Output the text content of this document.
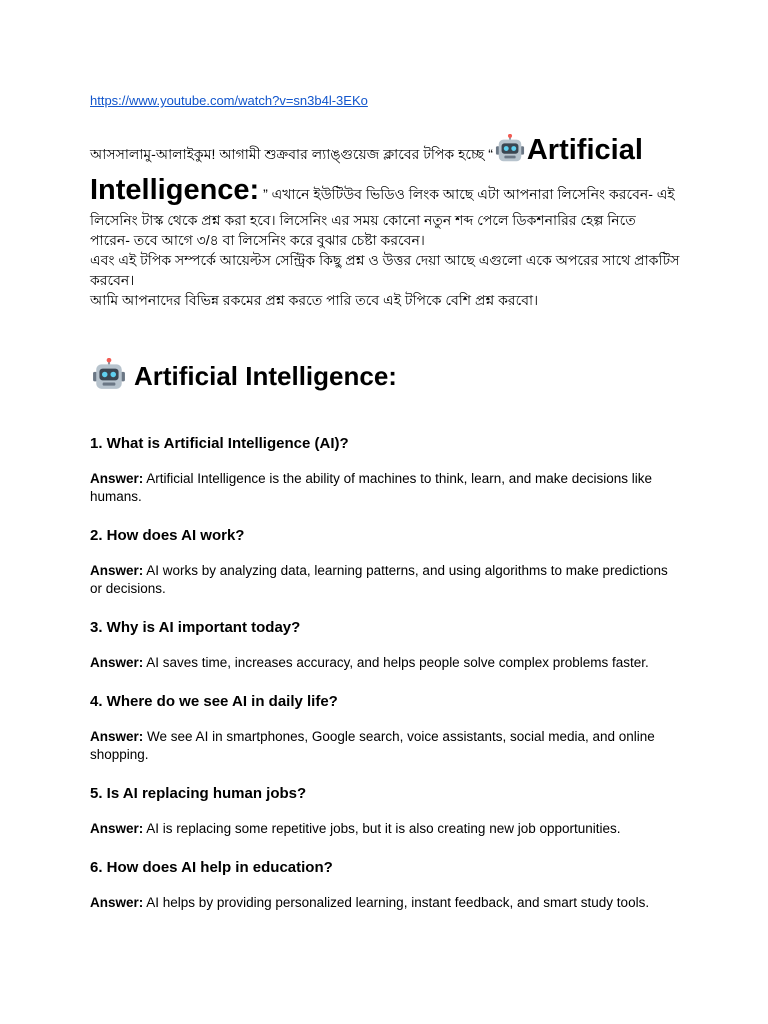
https://www.youtube.com/watch?v=sn3b4l-3EKo
আসসালামু-আলাইকুম! আগামী শুক্রবার ল্যাঙ্গুয়েজ ক্লাবের টপিক হচ্ছে “ Artificial
Intelligence: ” এখানে ইউটিউব ভিডিও লিংক আছে এটা আপনারা লিসেনিং করবেন- এই
লিসেনিং টাস্ক থেকে প্রশ্ন করা হবে। লিসেনিং এর সময় কোনো নতুন শব্দ পেলে ডিকশনারির হেল্প নিতে
পারেন- তবে আগে ৩/৪ বা লিসেনিং করে বুঝার চেষ্টা করবেন।
এবং এই টপিক সম্পর্কে আয়েল্টস সেন্ট্রিক কিছু প্রশ্ন ও উত্তর দেয়া আছে এগুলো একে অপরের সাথে প্রাকটিস
করবেন।
আমি আপনাদের বিভিন্ন রকমের প্রশ্ন করতে পারি তবে এই টপিকে বেশি প্রশ্ন করবো।
Artificial Intelligence:

1. What is Artificial Intelligence (AI)?

Answer: Artificial Intelligence is the ability of machines to think, learn, and make decisions like humans.

2. How does AI work?

Answer: AI works by analyzing data, learning patterns, and using algorithms to make predictions or decisions.

3. Why is AI important today?

Answer: AI saves time, increases accuracy, and helps people solve complex problems faster.

4. Where do we see AI in daily life?

Answer: We see AI in smartphones, Google search, voice assistants, social media, and online shopping.

5. Is AI replacing human jobs?

Answer: AI is replacing some repetitive jobs, but it is also creating new job opportunities.

6. How does AI help in education?

Answer: AI helps by providing personalized learning, instant feedback, and smart study tools.
